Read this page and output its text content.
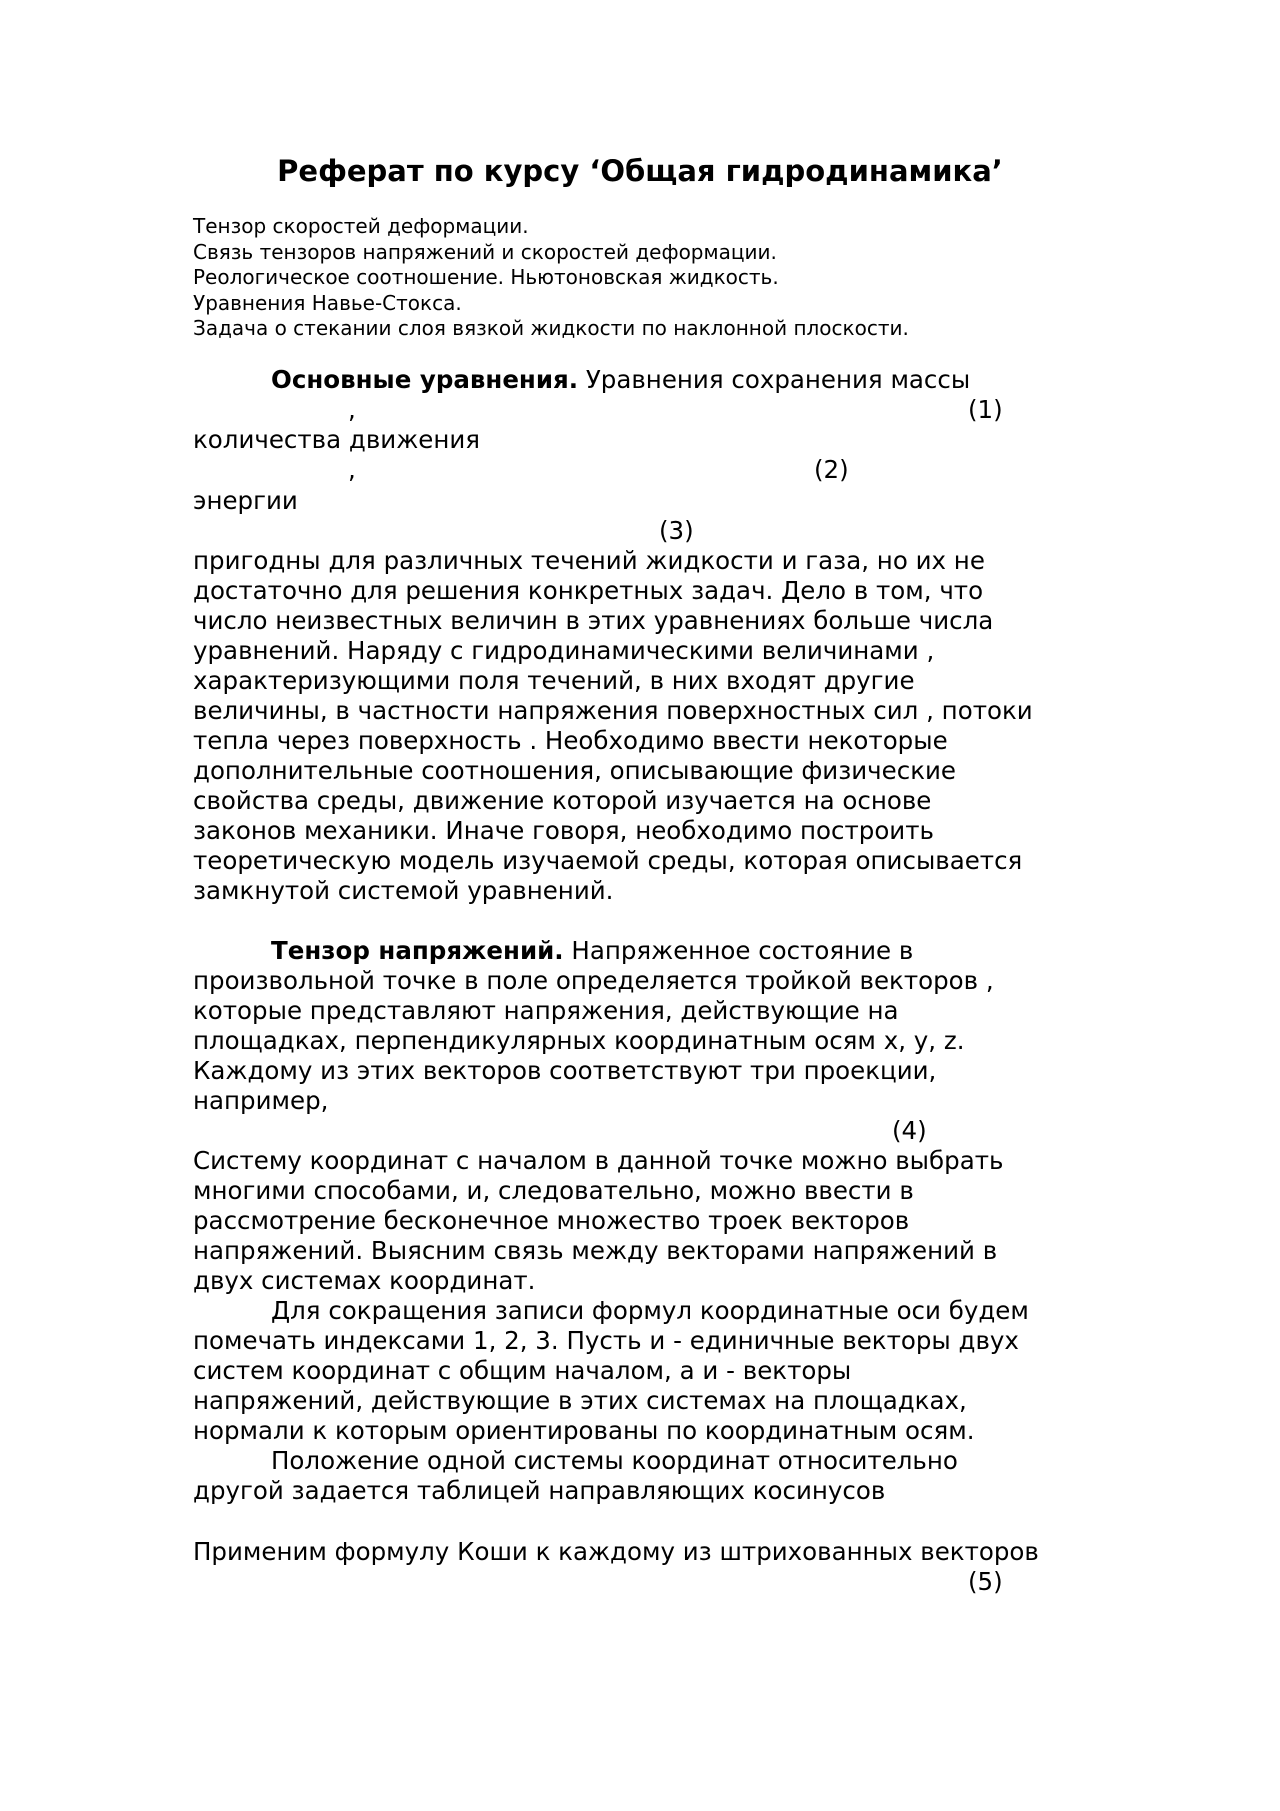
Реферат по курсу ‘Общая гидродинамика’
Тензор скоростей деформации.
Связь тензоров напряжений и скоростей деформации.
Реологическое соотношение. Ньютоновская жидкость.
Уравнения Навье-Стокса.
Задача о стекании слоя вязкой жидкости по наклонной плоскости.
Основные уравнения. Уравнения сохранения массы
,	(1)
количества движения
,	(2)
энергии
(3)
пригодны для различных течений жидкости и газа, но их не
достаточно для решения конкретных задач. Дело в том, что
число неизвестных величин в этих уравнениях больше числа
уравнений. Наряду с гидродинамическими величинами ,
характеризующими поля течений, в них входят другие
величины, в частности напряжения поверхностных сил , потоки
тепла через поверхность . Необходимо ввести некоторые
дополнительные соотношения, описывающие физические
свойства среды, движение которой изучается на основе
законов механики. Иначе говоря, необходимо построить
теоретическую модель изучаемой среды, которая описывается
замкнутой системой уравнений.
Тензор напряжений. Напряженное состояние в
произвольной точке в поле определяется тройкой векторов ,
которые представляют напряжения, действующие на
площадках, перпендикулярных координатным осям x, y, z.
Каждому из этих векторов соответствуют три проекции,
например,
(4)
Систему координат с началом в данной точке можно выбрать
многими способами, и, следовательно, можно ввести в
рассмотрение бесконечное множество троек векторов
напряжений. Выясним связь между векторами напряжений в
двух системах координат.
Для сокращения записи формул координатные оси будем
помечать индексами 1, 2, 3. Пусть и - единичные векторы двух
систем координат с общим началом, а и - векторы
напряжений, действующие в этих системах на площадках,
нормали к которым ориентированы по координатным осям.
Положение одной системы координат относительно
другой задается таблицей направляющих косинусов
Применим формулу Коши к каждому из штрихованных векторов
(5)
